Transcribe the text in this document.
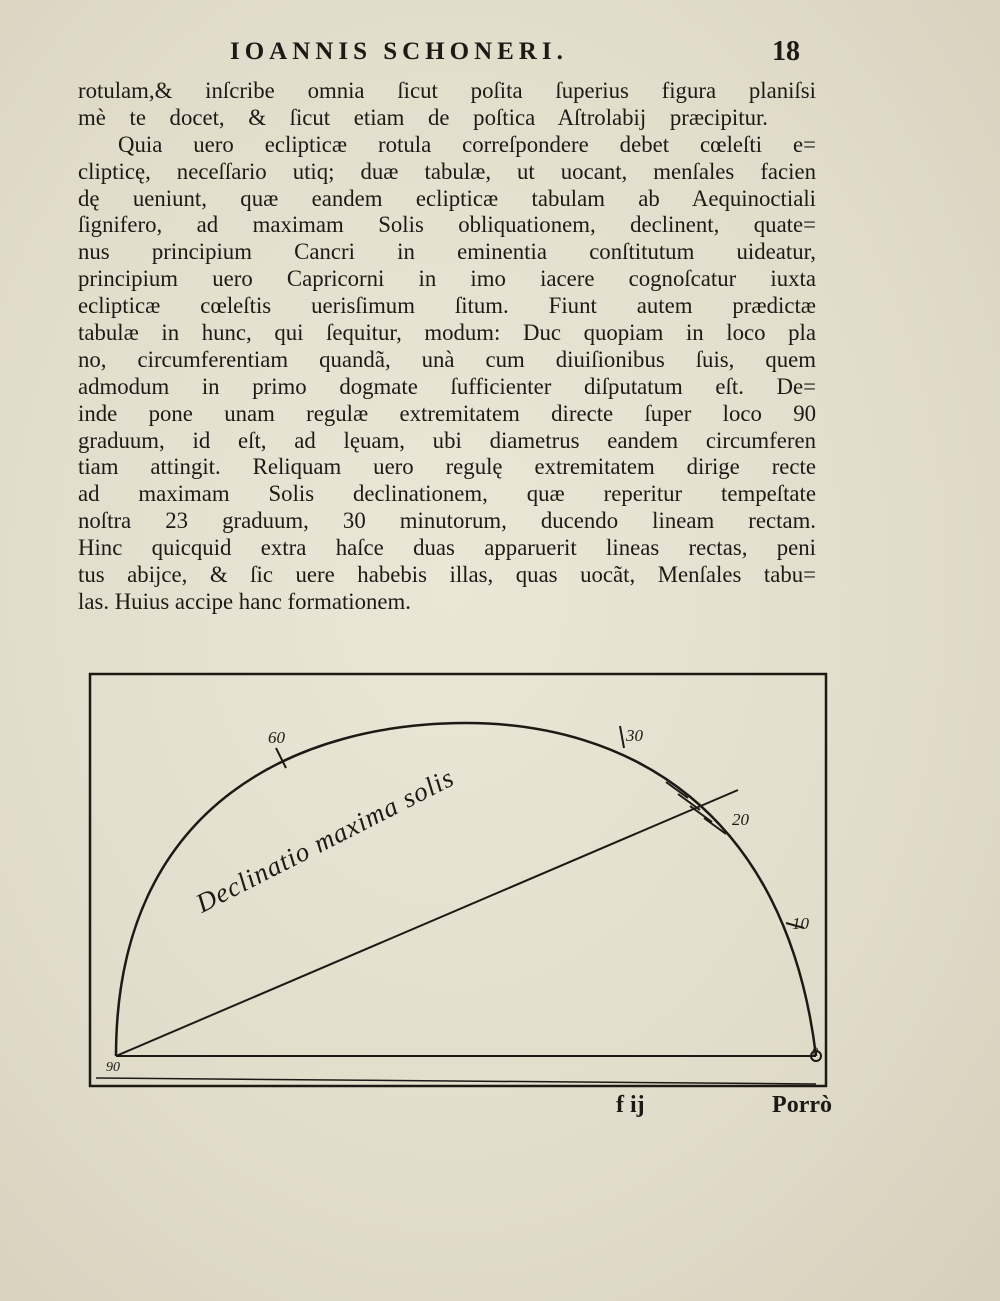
IOANNIS SCHONERI.	18
rotulam,& inſcribe omnia ſicut poſita ſuperius figura planiſsi
mè te docet, & ſicut etiam de poſtica Aſtrolabij præcipitur.
Quia uero eclipticæ rotula correſpondere debet cœleſti e=
clipticę, neceſſario utiq; duæ tabulæ, ut uocant, menſales facien
dę ueniunt, quæ eandem eclipticæ tabulam ab Aequinoctiali
ſignifero, ad maximam Solis obliquationem, declinent, quate=
nus principium Cancri in eminentia conſtitutum uideatur,
principium uero Capricorni in imo iacere cognoſcatur iuxta
eclipticæ cœleſtis uerisſimum ſitum. Fiunt autem prædictæ
tabulæ in hunc, qui ſequitur, modum: Duc quopiam in loco pla
no, circumferentiam quandã, unà cum diuiſionibus ſuis, quem
admodum in primo dogmate ſufficienter diſputatum eſt. De=
inde pone unam regulæ extremitatem directe ſuper loco 90
graduum, id eſt, ad lęuam, ubi diametrus eandem circumferen
tiam attingit. Reliquam uero regulę extremitatem dirige recte
ad maximam Solis declinationem, quæ reperitur tempeſtate
noſtra 23 graduum, 30 minutorum, ducendo lineam rectam.
Hinc quicquid extra haſce duas apparuerit lineas rectas, peni
tus abijce, & ſic uere habebis illas, quas uocãt, Menſales tabu=
las. Huius accipe hanc formationem.
60	30
20
10
0
90
Declinatio maxima solis
f ij	Porrò
